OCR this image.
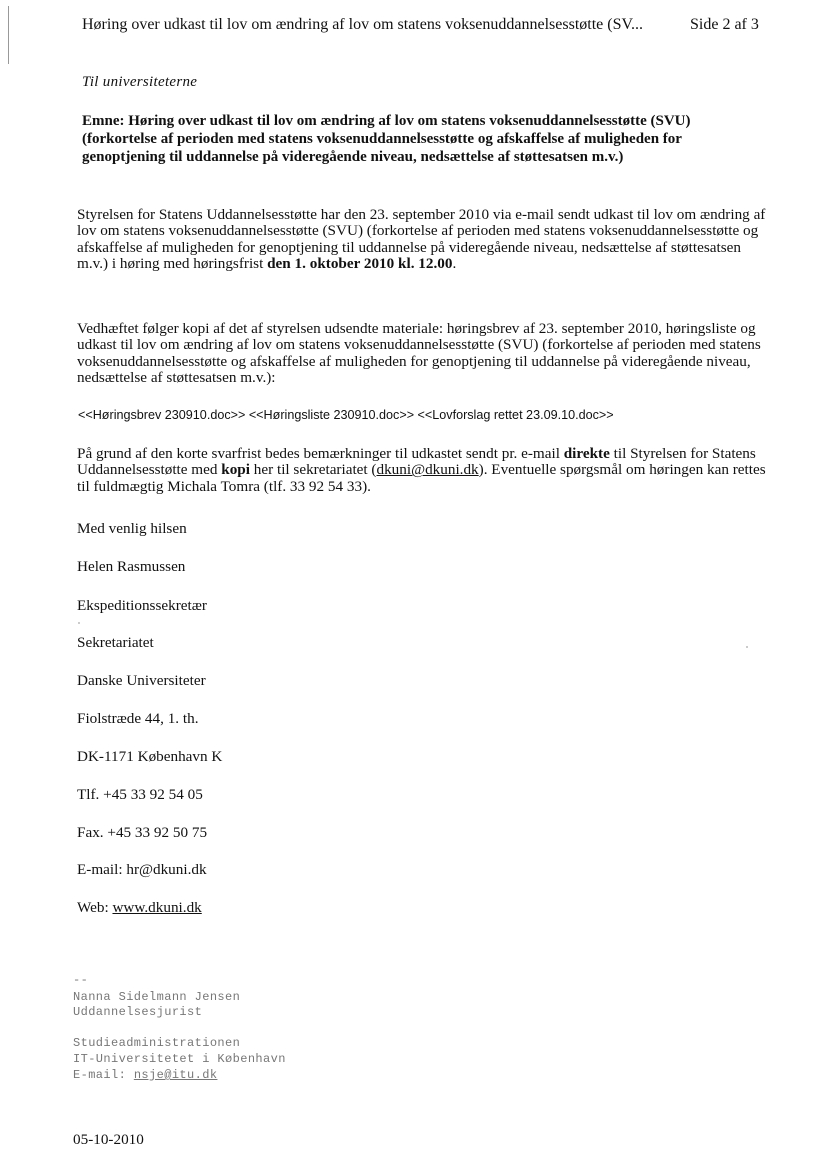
Høring over udkast til lov om ændring af lov om statens voksenuddannelsesstøtte (SV...	Side 2 af 3
Til universiteterne
Emne: Høring over udkast til lov om ændring af lov om statens voksenuddannelsesstøtte (SVU) (forkortelse af perioden med statens voksenuddannelsesstøtte og afskaffelse af muligheden for genoptjening til uddannelse på videregående niveau, nedsættelse af støttesatsen m.v.)
Styrelsen for Statens Uddannelsesstøtte har den 23. september 2010 via e-mail sendt udkast til lov om ændring af lov om statens voksenuddannelsesstøtte (SVU) (forkortelse af perioden med statens voksenuddannelsesstøtte og afskaffelse af muligheden for genoptjening til uddannelse på videregående niveau, nedsættelse af støttesatsen m.v.) i høring med høringsfrist den 1. oktober 2010 kl. 12.00.
Vedhæftet følger kopi af det af styrelsen udsendte materiale: høringsbrev af 23. september 2010, høringsliste og udkast til lov om ændring af lov om statens voksenuddannelsesstøtte (SVU) (forkortelse af perioden med statens voksenuddannelsesstøtte og afskaffelse af muligheden for genoptjening til uddannelse på videregående niveau, nedsættelse af støttesatsen m.v.):
<<Høringsbrev 230910.doc>> <<Høringsliste 230910.doc>> <<Lovforslag rettet 23.09.10.doc>>
På grund af den korte svarfrist bedes bemærkninger til udkastet sendt pr. e-mail direkte til Styrelsen for Statens Uddannelsesstøtte med kopi her til sekretariatet (dkuni@dkuni.dk). Eventuelle spørgsmål om høringen kan rettes til fuldmægtig Michala Tomra (tlf. 33 92 54 33).
Med venlig hilsen
Helen Rasmussen
Ekspeditionssekretær
Sekretariatet
Danske Universiteter
Fiolstræde 44, 1. th.
DK-1171 København K
Tlf. +45 33 92 54 05
Fax. +45 33 92 50 75
E-mail: hr@dkuni.dk
Web: www.dkuni.dk
--
Nanna Sidelmann Jensen
Uddannelsesjurist
Studieadministrationen
IT-Universitetet i København
E-mail: nsje@itu.dk
05-10-2010
